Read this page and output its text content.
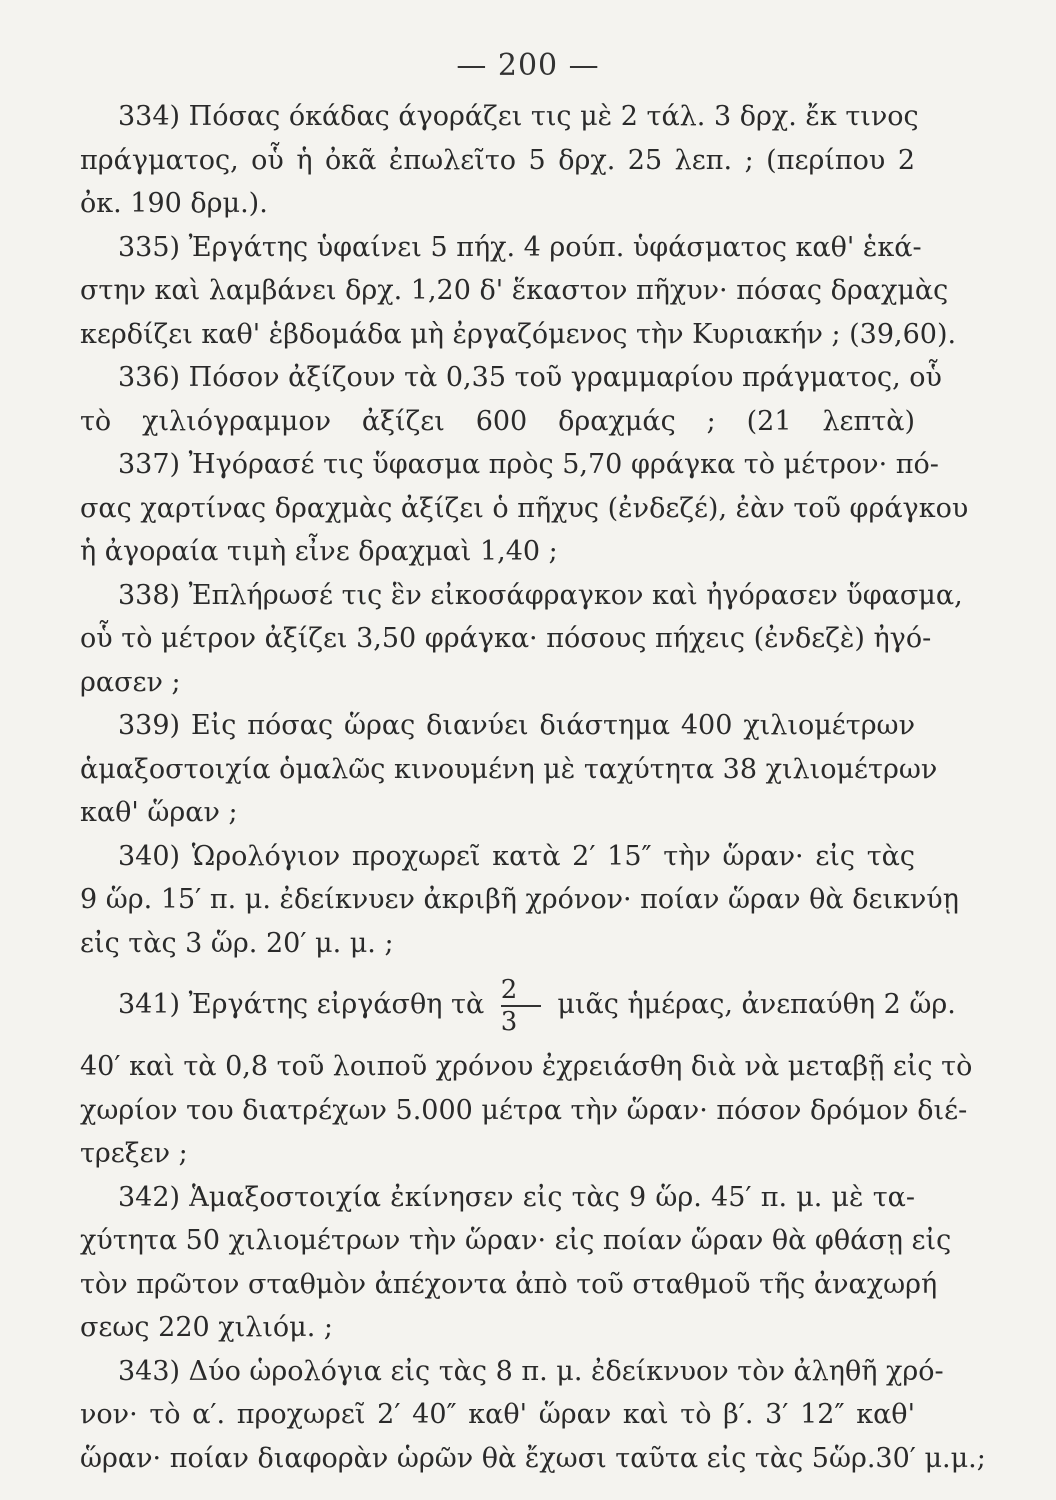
— 200 —
334) Πόσας όκάδας άγοράζει τις μὲ 2 τάλ. 3 δρχ. ἔκ τινος
πράγματος, οὗ ἡ ὀκᾶ ἐπωλεῖτο 5 δρχ. 25 λεπ. ; (περίπου 2
ὀκ. 190 δρμ.).
335) Ἐργάτης ὑφαίνει 5 πήχ. 4 ρούπ. ὑφάσματος καθ' ἑκά-
στην καὶ λαμβάνει δρχ. 1,20 δ' ἕκαστον πῆχυν· πόσας δραχμὰς
κερδίζει καθ' ἑβδομάδα μὴ ἐργαζόμενος τὴν Κυριακήν ; (39,60).
336) Πόσον ἀξίζουν τὰ 0,35 τοῦ γραμμαρίου πράγματος, οὗ
τὸ χιλιόγραμμον ἀξίζει 600 δραχμάς ; (21 λεπτὰ)
337) Ἠγόρασέ τις ὕφασμα πρὸς 5,70 φράγκα τὸ μέτρον· πό-
σας χαρτίνας δραχμὰς ἀξίζει ὁ πῆχυς (ἐνδεζέ), ἐὰν τοῦ φράγκου
ἡ ἀγοραία τιμὴ εἶνε δραχμαὶ 1,40 ;
338) Ἐπλήρωσέ τις ἓν εἰκοσάφραγκον καὶ ἠγόρασεν ὕφασμα,
οὗ τὸ μέτρον ἀξίζει 3,50 φράγκα· πόσους πήχεις (ἐνδεζὲ) ἠγό-
ρασεν ;
339) Εἰς πόσας ὥρας διανύει διάστημα 400 χιλιομέτρων
ἁμαξοστοιχία ὁμαλῶς κινουμένη μὲ ταχύτητα 38 χιλιομέτρων
καθ' ὥραν ;
340) Ὡρολόγιον προχωρεῖ κατὰ 2′ 15″ τὴν ὥραν· εἰς τὰς
9 ὥρ. 15′ π. μ. ἐδείκνυεν ἀκριβῆ χρόνον· ποίαν ὥραν θὰ δεικνύῃ
εἰς τὰς 3 ὥρ. 20′ μ. μ. ;
341) Ἐργάτης εἰργάσθη τὰ $\frac{2}{3}$ μιᾶς ἡμέρας, ἀνεπαύθη 2 ὥρ.
40′ καὶ τὰ 0,8 τοῦ λοιποῦ χρόνου ἐχρειάσθη διὰ νὰ μεταβῇ εἰς τὸ
χωρίον του διατρέχων 5.000 μέτρα τὴν ὥραν· πόσον δρόμον διέ-
τρεξεν ;
342) Ἁμαξοστοιχία ἐκίνησεν εἰς τὰς 9 ὥρ. 45′ π. μ. μὲ τα-
χύτητα 50 χιλιομέτρων τὴν ὥραν· εἰς ποίαν ὥραν θὰ φθάσῃ εἰς
τὸν πρῶτον σταθμὸν ἀπέχοντα ἀπὸ τοῦ σταθμοῦ τῆς ἀναχωρή
σεως 220 χιλιόμ. ;
343) Δύο ὡρολόγια εἰς τὰς 8 π. μ. ἐδείκνυον τὸν ἀληθῆ χρό-
νον· τὸ α′. προχωρεῖ 2′ 40″ καθ' ὥραν καὶ τὸ β′. 3′ 12″ καθ'
ὥραν· ποίαν διαφορὰν ὡρῶν θὰ ἔχωσι ταῦτα εἰς τὰς 5ὥρ.30′ μ.μ.;
